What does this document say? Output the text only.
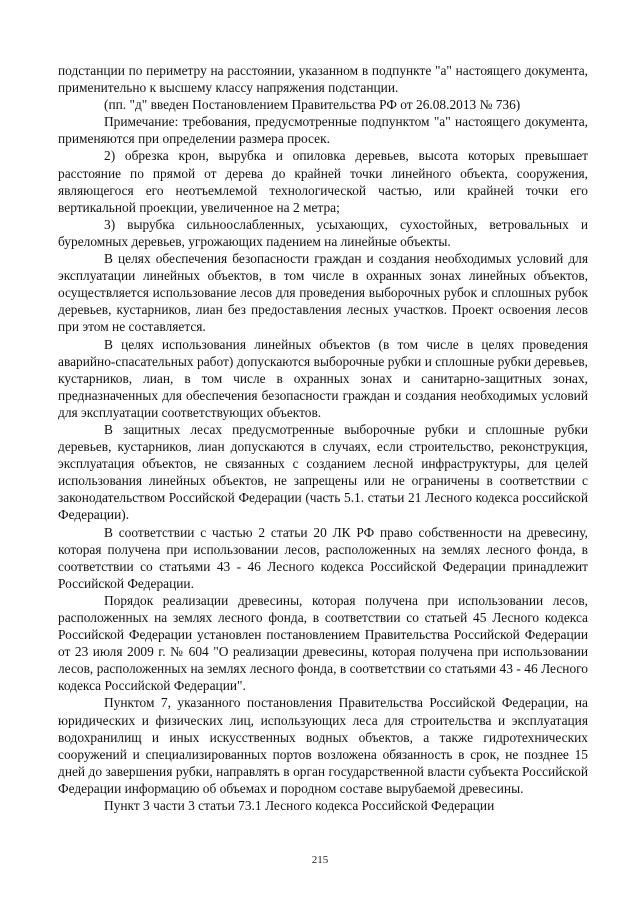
подстанции по периметру на расстоянии, указанном в подпункте "а" настоящего документа, применительно к высшему классу напряжения подстанции.

(пп. "д" введен Постановлением Правительства РФ от 26.08.2013 № 736)

Примечание: требования, предусмотренные подпунктом "а" настоящего документа, применяются при определении размера просек.

2) обрезка крон, вырубка и опиловка деревьев, высота которых превышает расстояние по прямой от дерева до крайней точки линейного объекта, сооружения, являющегося его неотъемлемой технологической частью, или крайней точки его вертикальной проекции, увеличенное на 2 метра;

3) вырубка сильноослабленных, усыхающих, сухостойных, ветровальных и буреломных деревьев, угрожающих падением на линейные объекты.

В целях обеспечения безопасности граждан и создания необходимых условий для эксплуатации линейных объектов, в том числе в охранных зонах линейных объектов, осуществляется использование лесов для проведения выборочных рубок и сплошных рубок деревьев, кустарников, лиан без предоставления лесных участков. Проект освоения лесов при этом не составляется.

В целях использования линейных объектов (в том числе в целях проведения аварийно-спасательных работ) допускаются выборочные рубки и сплошные рубки деревьев, кустарников, лиан, в том числе в охранных зонах и санитарно-защитных зонах, предназначенных для обеспечения безопасности граждан и создания необходимых условий для эксплуатации соответствующих объектов.

В защитных лесах предусмотренные выборочные рубки и сплошные рубки деревьев, кустарников, лиан допускаются в случаях, если строительство, реконструкция, эксплуатация объектов, не связанных с созданием лесной инфраструктуры, для целей использования линейных объектов, не запрещены или не ограничены в соответствии с законодательством Российской Федерации (часть 5.1. статьи 21 Лесного кодекса российской Федерации).

В соответствии с частью 2 статьи 20 ЛК РФ право собственности на древесину, которая получена при использовании лесов, расположенных на землях лесного фонда, в соответствии со статьями 43 - 46 Лесного кодекса Российской Федерации принадлежит Российской Федерации.

Порядок реализации древесины, которая получена при использовании лесов, расположенных на землях лесного фонда, в соответствии со статьей 45 Лесного кодекса Российской Федерации установлен постановлением Правительства Российской Федерации от 23 июля 2009 г. № 604 "О реализации древесины, которая получена при использовании лесов, расположенных на землях лесного фонда, в соответствии со статьями 43 - 46 Лесного кодекса Российской Федерации".

Пунктом 7, указанного постановления Правительства Российской Федерации, на юридических и физических лиц, использующих леса для строительства и эксплуатация водохранилищ и иных искусственных водных объектов, а также гидротехнических сооружений и специализированных портов возложена обязанность в срок, не позднее 15 дней до завершения рубки, направлять в орган государственной власти субъекта Российской Федерации информацию об объемах и породном составе вырубаемой древесины.

Пункт 3 части 3 статьи 73.1 Лесного кодекса Российской Федерации

215
